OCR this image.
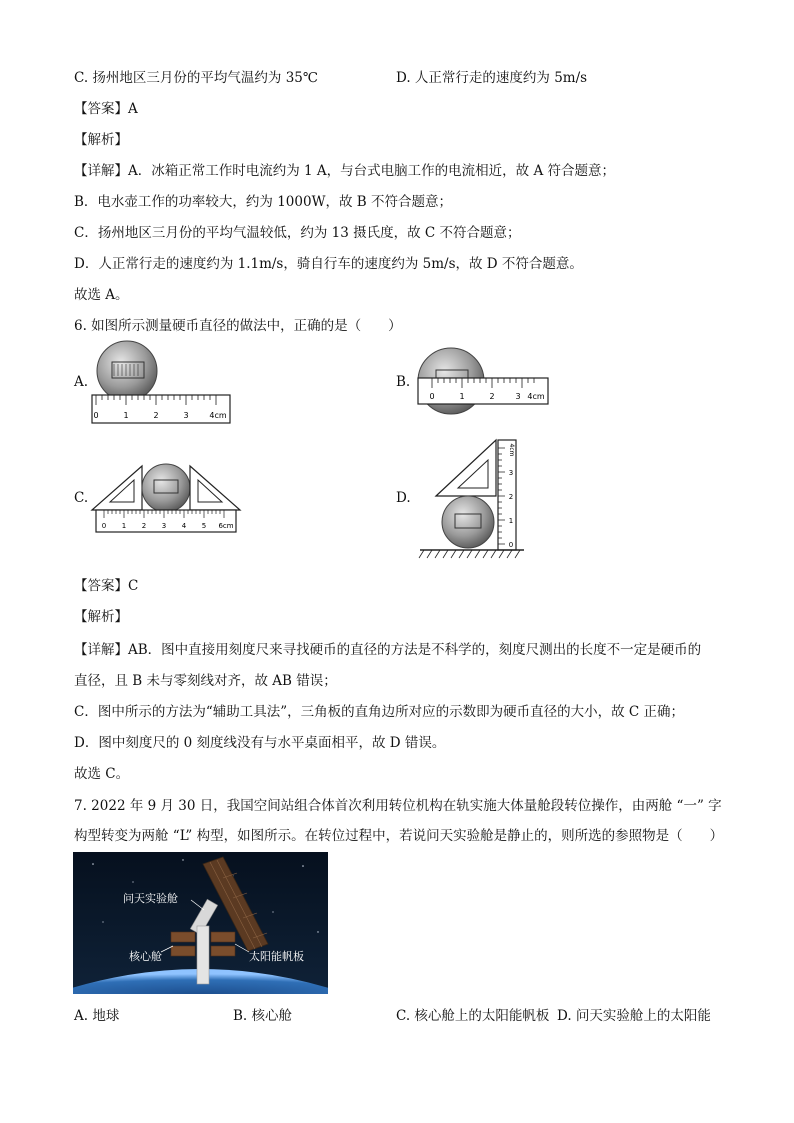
C. 扬州地区三月份的平均气温约为 35℃	D. 人正常行走的速度约为 5m/s
【答案】A
【解析】
【详解】A．冰箱正常工作时电流约为 1 A，与台式电脑工作的电流相近，故 A 符合题意；
B．电水壶工作的功率较大，约为 1000W，故 B 不符合题意；
C．扬州地区三月份的平均气温较低，约为 13 摄氏度，故 C 不符合题意；
D．人正常行走的速度约为 1.1m/s，骑自行车的速度约为 5m/s，故 D 不符合题意。
故选 A。
6. 如图所示测量硬币直径的做法中，正确的是（　　）
A.
0	1	2	3	4cm
B.
0	1	2	3 4cm
C.
0 1 2 3 4 5 6cm
D.
0
1
2
3
4cm
【答案】C
【解析】
【详解】AB．图中直接用刻度尺来寻找硬币的直径的方法是不科学的，刻度尺测出的长度不一定是硬币的
直径，且 B 未与零刻线对齐，故 AB 错误；
C．图中所示的方法为“辅助工具法”，三角板的直角边所对应的示数即为硬币直径的大小，故 C 正确；
D．图中刻度尺的 0 刻度线没有与水平桌面相平，故 D 错误。
故选 C。
7. 2022 年 9 月 30 日，我国空间站组合体首次利用转位机构在轨实施大体量舱段转位操作，由两舱 “一” 字
构型转变为两舱 “L” 构型，如图所示。在转位过程中，若说问天实验舱是静止的，则所选的参照物是（　　）
问天实验舱
核心舱	太阳能帆板
A. 地球	B. 核心舱	C. 核心舱上的太阳能帆板 D. 问天实验舱上的太阳能
